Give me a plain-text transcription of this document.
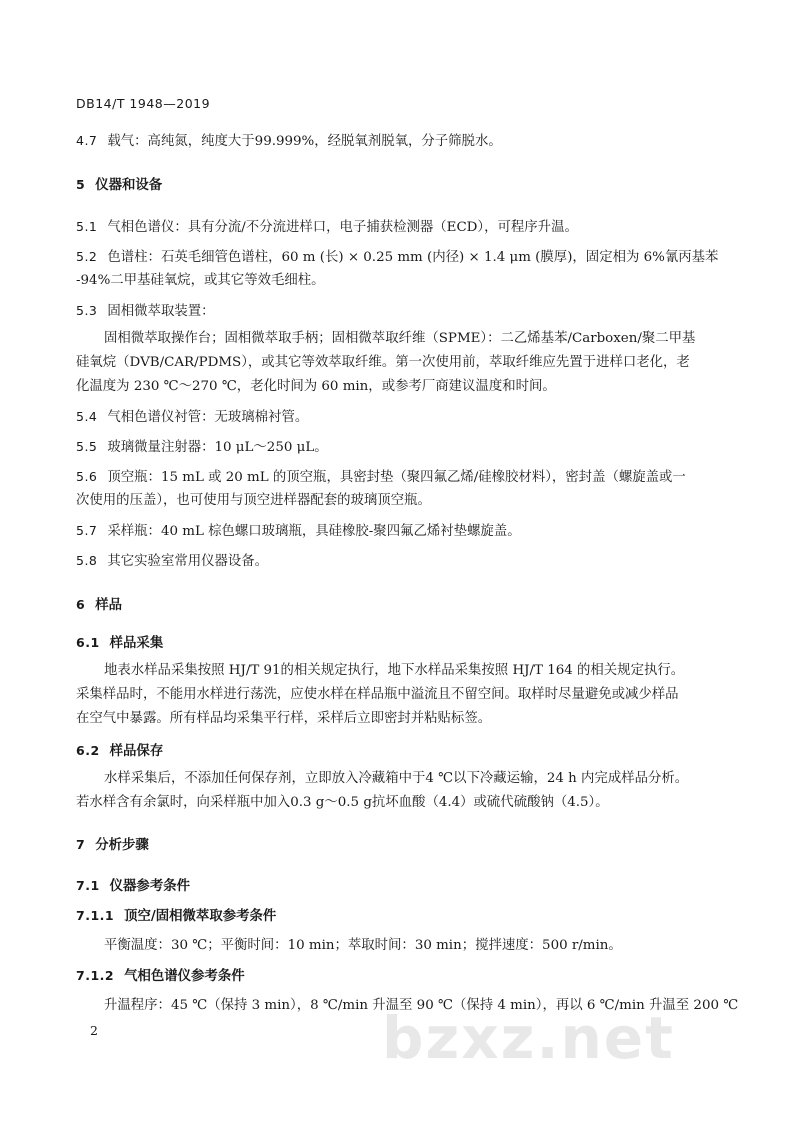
DB14/T 1948—2019
4.7 载气：高纯氮，纯度大于99.999%，经脱氧剂脱氧，分子筛脱水。
5 仪器和设备
5.1 气相色谱仪：具有分流/不分流进样口，电子捕获检测器（ECD），可程序升温。
5.2 色谱柱：石英毛细管色谱柱，60 m (长) × 0.25 mm (内径) × 1.4 μm (膜厚)，固定相为 6%氰丙基苯
-94%二甲基硅氧烷，或其它等效毛细柱。
5.3 固相微萃取装置：
固相微萃取操作台；固相微萃取手柄；固相微萃取纤维（SPME）：二乙烯基苯/Carboxen/聚二甲基
硅氧烷（DVB/CAR/PDMS），或其它等效萃取纤维。第一次使用前，萃取纤维应先置于进样口老化，老
化温度为 230 ℃～270 ℃，老化时间为 60 min，或参考厂商建议温度和时间。
5.4 气相色谱仪衬管：无玻璃棉衬管。
5.5 玻璃微量注射器：10 μL～250 μL。
5.6 顶空瓶：15 mL 或 20 mL 的顶空瓶，具密封垫（聚四氟乙烯/硅橡胶材料），密封盖（螺旋盖或一
次使用的压盖），也可使用与顶空进样器配套的玻璃顶空瓶。
5.7 采样瓶：40 mL 棕色螺口玻璃瓶，具硅橡胶-聚四氟乙烯衬垫螺旋盖。
5.8 其它实验室常用仪器设备。
6 样品
6.1 样品采集
地表水样品采集按照 HJ/T 91的相关规定执行，地下水样品采集按照 HJ/T 164 的相关规定执行。
采集样品时，不能用水样进行荡洗，应使水样在样品瓶中溢流且不留空间。取样时尽量避免或减少样品
在空气中暴露。所有样品均采集平行样，采样后立即密封并粘贴标签。
6.2 样品保存
水样采集后，不添加任何保存剂，立即放入冷藏箱中于4 ℃以下冷藏运输，24 h 内完成样品分析。
若水样含有余氯时，向采样瓶中加入0.3 g～0.5 g抗坏血酸（4.4）或硫代硫酸钠（4.5）。
7 分析步骤
7.1 仪器参考条件
7.1.1 顶空/固相微萃取参考条件
平衡温度：30 ℃；平衡时间：10 min；萃取时间：30 min；搅拌速度：500 r/min。
7.1.2 气相色谱仪参考条件
升温程序：45 ℃（保持 3 min），8 ℃/min 升温至 90 ℃（保持 4 min），再以 6 ℃/min 升温至 200 ℃
bzxz.net
2
